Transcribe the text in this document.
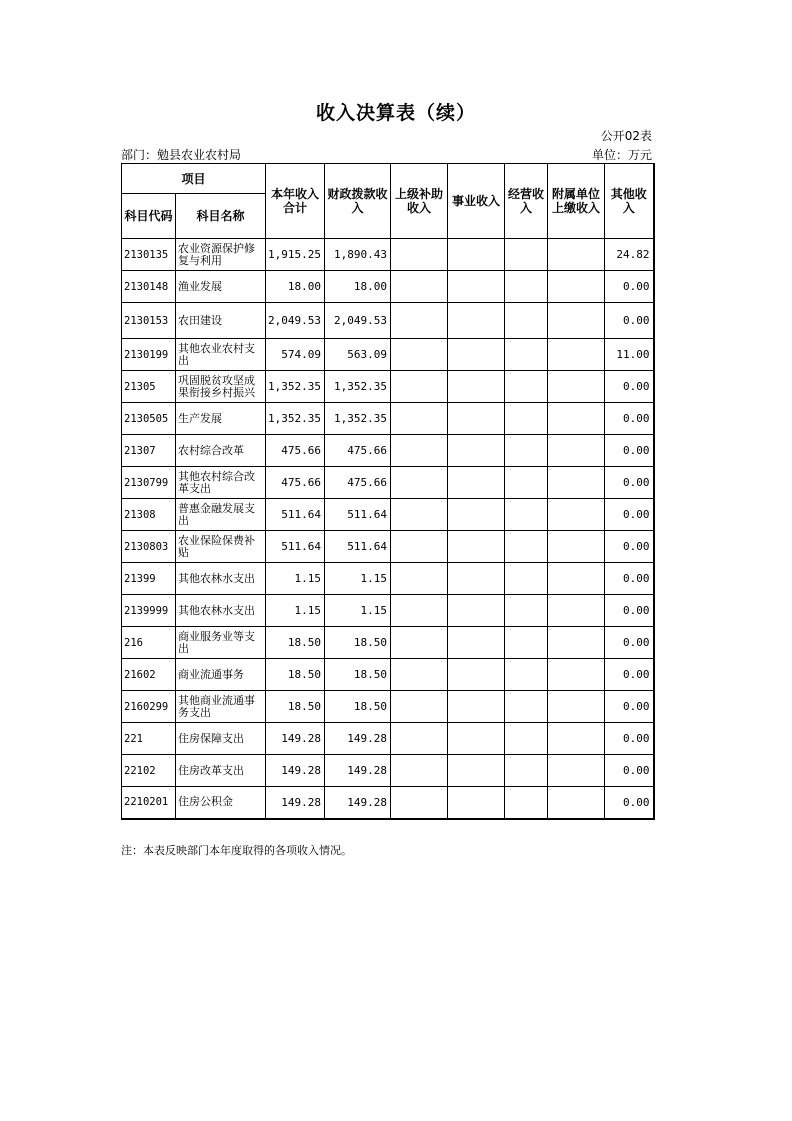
收入决算表（续）
公开02表
部门：勉县农业农村局	单位：万元
项目		本年收入合计	财政拨款收入	上级补助收入	事业收入	经营收入	附属单位上缴收入	其他收入
科目代码	科目名称							
2130135	农业资源保护修复与利用	1,915.25	1,890.43					24.82
2130148	渔业发展	18.00	18.00					0.00
2130153	农田建设	2,049.53	2,049.53					0.00
2130199	其他农业农村支出	574.09	563.09					11.00
21305	巩固脱贫攻坚成果衔接乡村振兴	1,352.35	1,352.35					0.00
2130505	生产发展	1,352.35	1,352.35					0.00
21307	农村综合改革	475.66	475.66					0.00
2130799	其他农村综合改革支出	475.66	475.66					0.00
21308	普惠金融发展支出	511.64	511.64					0.00
2130803	农业保险保费补贴	511.64	511.64					0.00
21399	其他农林水支出	1.15	1.15					0.00
2139999	其他农林水支出	1.15	1.15					0.00
216	商业服务业等支出	18.50	18.50					0.00
21602	商业流通事务	18.50	18.50					0.00
2160299	其他商业流通事务支出	18.50	18.50					0.00
221	住房保障支出	149.28	149.28					0.00
22102	住房改革支出	149.28	149.28					0.00
2210201	住房公积金	149.28	149.28					0.00
注：本表反映部门本年度取得的各项收入情况。
